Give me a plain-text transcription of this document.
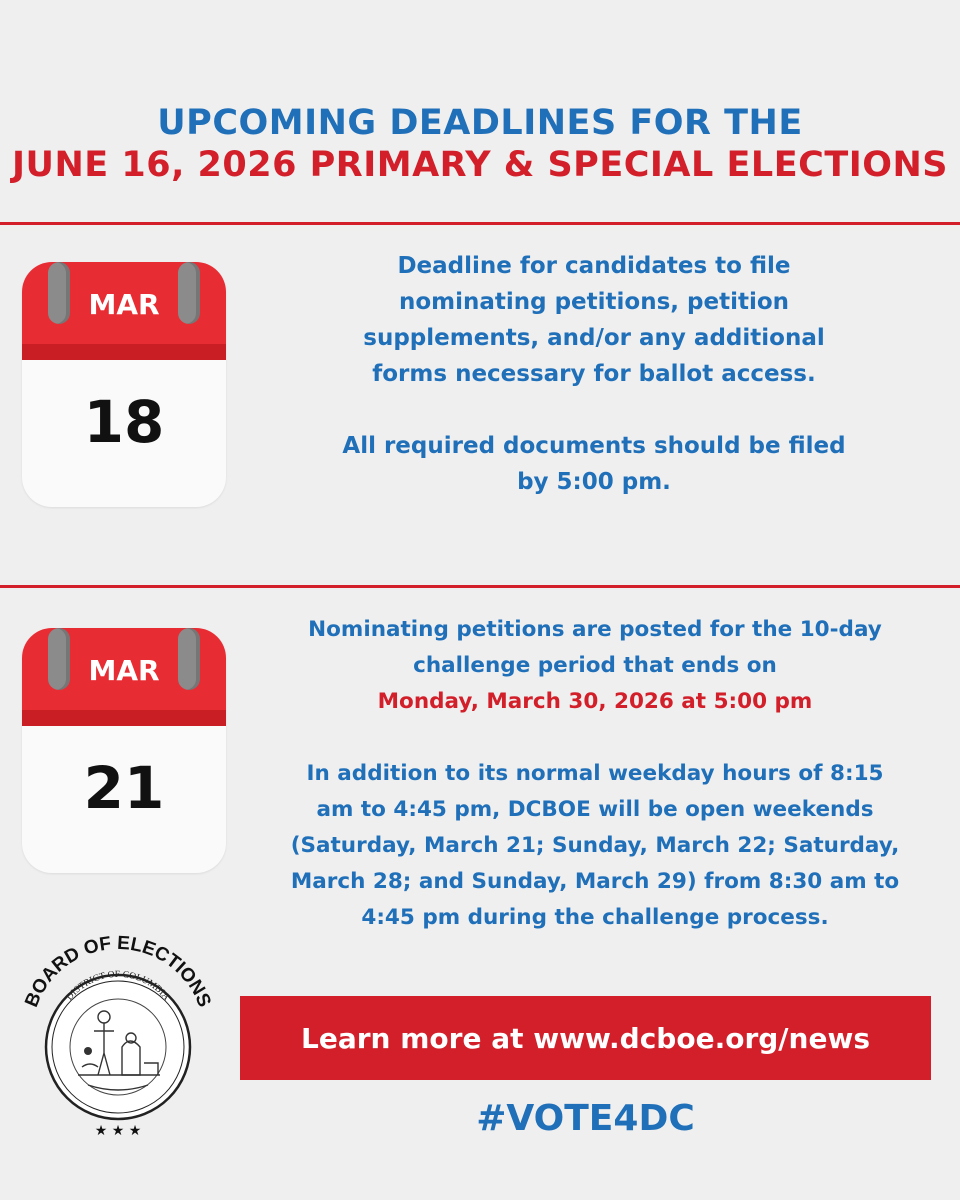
UPCOMING DEADLINES FOR THE
JUNE 16, 2026 PRIMARY & SPECIAL ELECTIONS
MAR
18

Deadline for candidates to file

nominating petitions, petition

supplements, and/or any additional

forms necessary for ballot access.

All required documents should be filed

by 5:00 pm.

MAR
21

Nominating petitions are posted for the 10-day

challenge period that ends on

Monday, March 30, 2026 at 5:00 pm

In addition to its normal weekday hours of 8:15

am to 4:45 pm, DCBOE will be open weekends

(Saturday, March 21; Sunday, March 22; Saturday,

March 28; and Sunday, March 29) from 8:30 am to

4:45 pm during the challenge process.

BOARD OF ELECTIONS
DISTRICT OF COLUMBIA
★ ★ ★
Learn more at www.dcboe.org/news
#VOTE4DC
